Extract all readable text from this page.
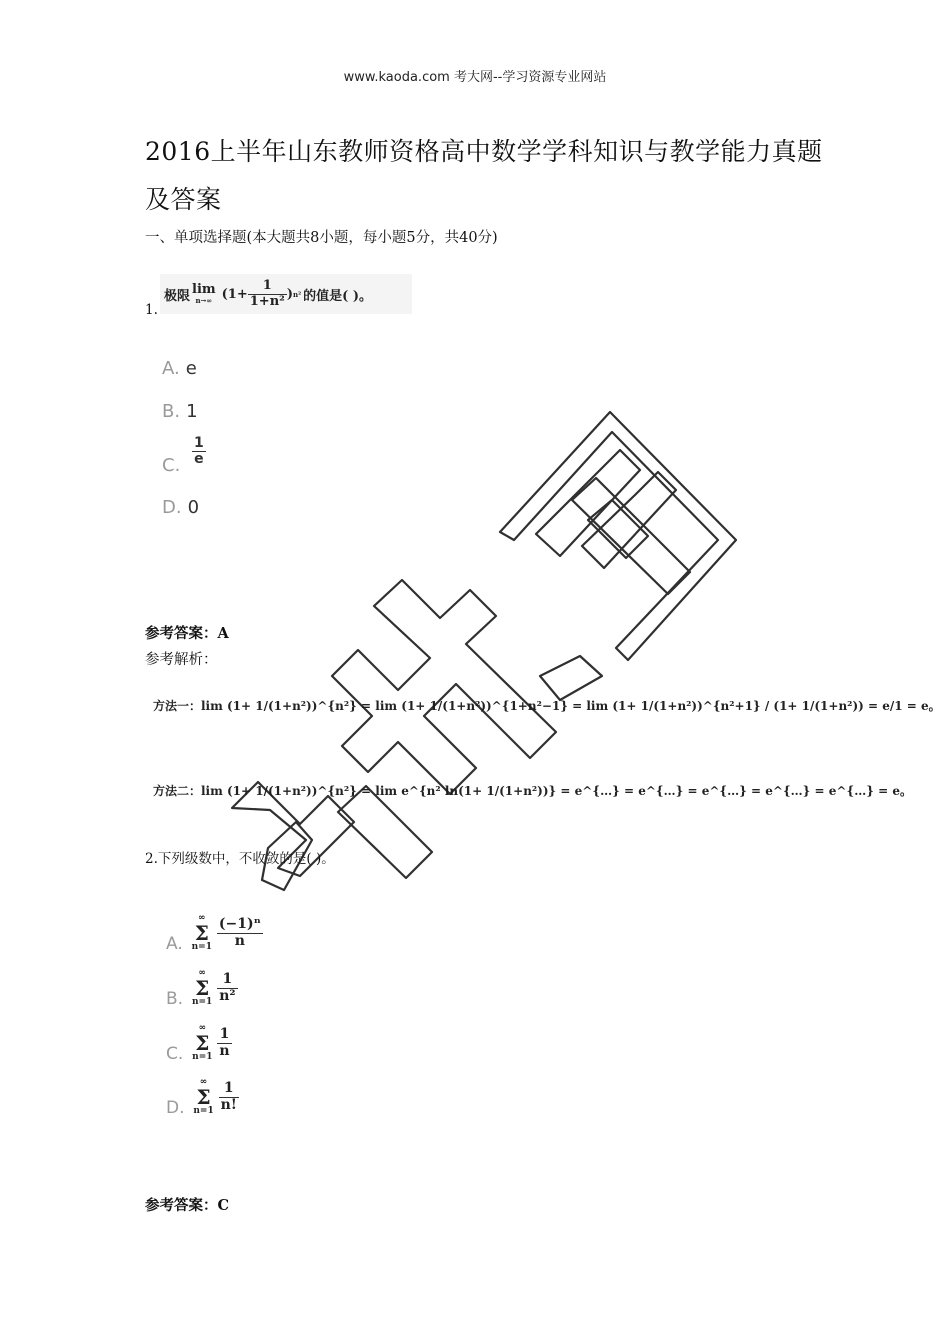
www.kaoda.com 考大网--学习资源专业网站
2016上半年山东教师资格高中数学学科知识与教学能力真题及答案
一、单项选择题(本大题共8小题，每小题5分，共40分)
1.
极限 lim
n→∞ ($1+ \frac{1}{\text{1+n²}}$ ) n² 的值是( )。
A. e
B. 1
C. $\frac{1}{e}$
D. 0
参考答案：A
参考解析：
方法一：lim (1+ 1/(1+n²))^{n²} = lim (1+ 1/(1+n²))^{1+n²−1} = lim (1+ 1/(1+n²))^{n²+1} / (1+ 1/(1+n²)) = e/1 = e。
方法二：lim (1+ 1/(1+n²))^{n²} = lim e^{n² ln(1+ 1/(1+n²))} = e^{…} = e^{…} = e^{…} = e^{…} = e^{…} = e。
2.下列级数中，不收敛的是( )。
A. ∞
Σ
$n=1 \frac{\text{(−1)ⁿ}}{n}$
B. ∞
Σ
$n=1 \frac{1}{\text{n²}}$
C. ∞
Σ
$n=1 \frac{1}{n}$
D. ∞
Σ
$n=1 \frac{1}{n!}$
参考答案：C
